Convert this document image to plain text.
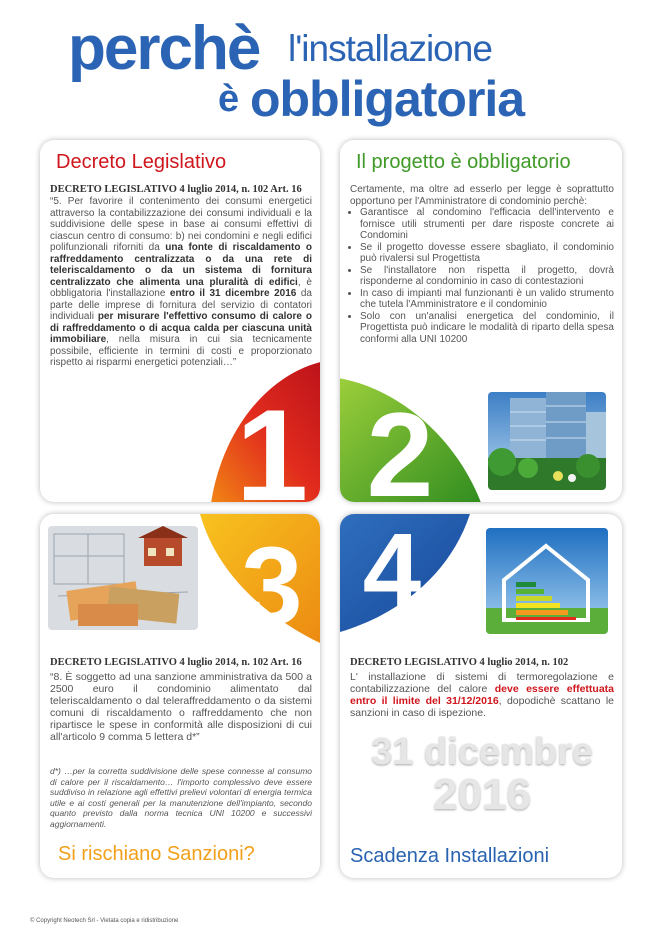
perchè l'installazione
è obbligatoria
Decreto Legislativo
DECRETO LEGISLATIVO 4 luglio 2014, n. 102 Art. 16
1
“5. Per favorire il contenimento dei consumi energetici attraverso la contabilizzazione dei consumi individuali e la suddivisione delle spese in base ai consumi effettivi di ciascun centro di consumo: b) nei condomini e negli edifici polifunzionali riforniti da una fonte di riscaldamento o raffreddamento centralizzata o da una rete di teleriscaldamento o da un sistema di fornitura centralizzato che alimenta una pluralità di edifici, è obbligatoria l'installazione entro il 31 dicembre 2016 da parte delle imprese di fornitura del servizio di contatori individuali per misurare l'effettivo consumo di calore o di raffreddamento o di acqua calda per ciascuna unità immobiliare, nella misura in cui sia tecnicamente possibile, efficiente in termini di costi e proporzionato rispetto ai risparmi energetici potenziali…”
Il progetto è obbligatorio
Certamente, ma oltre ad esserlo per legge è soprattutto opportuno per l'Amministratore di condominio perchè:
• Garantisce al condomino l'efficacia dell'intervento e fornisce utili strumenti per dare risposte concrete ai Condomini
• Se il progetto dovesse essere sbagliato, il condominio può rivalersi sul Progettista
• Se l'installatore non rispetta il progetto, dovrà risponderne al condominio in caso di contestazioni
• In caso di impianti mal funzionanti è un valido strumento che tutela l'Amministratore e il condominio
• Solo con un'analisi energetica del condominio, il Progettista può indicare le modalità di riparto della spesa conformi alla UNI 10200
2
3
DECRETO LEGISLATIVO 4 luglio 2014, n. 102 Art. 16
“8. È soggetto ad una sanzione amministrativa da 500 a 2500 euro il condominio alimentato dal teleriscaldamento o dal teleraffreddamento o da sistemi comuni di riscaldamento o raffreddamento che non ripartisce le spese in conformità alle disposizioni di cui all'articolo 9 comma 5 lettera d*”
d*) …per la corretta suddivisione delle spese connesse al consumo di calore per il riscaldamento… l'importo complessivo deve essere suddiviso in relazione agli effettivi prelievi volontari di energia termica utile e ai costi generali per la manutenzione dell'impianto, secondo quanto previsto dalla norma tecnica UNI 10200 e successivi aggiornamenti.
Si rischiano Sanzioni?
4
DECRETO LEGISLATIVO 4 luglio 2014, n. 102
L' installazione di sistemi di termoregolazione e contabilizzazione del calore deve essere effettuata entro il limite del 31/12/2016, dopodichè scattano le sanzioni in caso di ispezione.
Scadenza Installazioni
31 dicembre
2016
© Copyright Neotech Srl - Vietata copia e ridistribuzione
